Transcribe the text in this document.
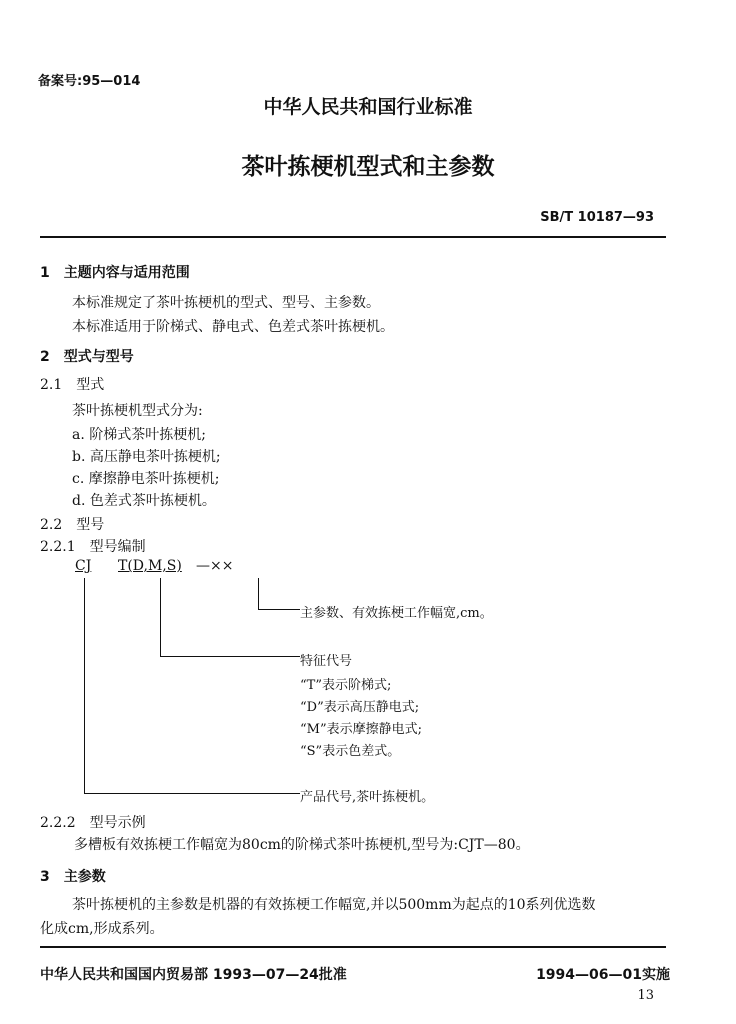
备案号:95—014
中华人民共和国行业标准
茶叶拣梗机型式和主参数
SB/T 10187—93
1　主题内容与适用范围
本标准规定了茶叶拣梗机的型式、型号、主参数。
本标准适用于阶梯式、静电式、色差式茶叶拣梗机。
2　型式与型号
2.1　型式
茶叶拣梗机型式分为:
a. 阶梯式茶叶拣梗机;
b. 高压静电茶叶拣梗机;
c. 摩擦静电茶叶拣梗机;
d. 色差式茶叶拣梗机。
2.2　型号
2.2.1　型号编制
CJ T(D,M,S) —××
主参数、有效拣梗工作幅宽,cm。
特征代号
“T”表示阶梯式;
“D”表示高压静电式;
“M”表示摩擦静电式;
“S”表示色差式。
产品代号,茶叶拣梗机。
2.2.2　型号示例
多槽板有效拣梗工作幅宽为80cm的阶梯式茶叶拣梗机,型号为:CJT—80。
3　主参数
茶叶拣梗机的主参数是机器的有效拣梗工作幅宽,并以500mm为起点的10系列优选数
化成cm,形成系列。
中华人民共和国国内贸易部 1993—07—24批准	1994—06—01实施
13
